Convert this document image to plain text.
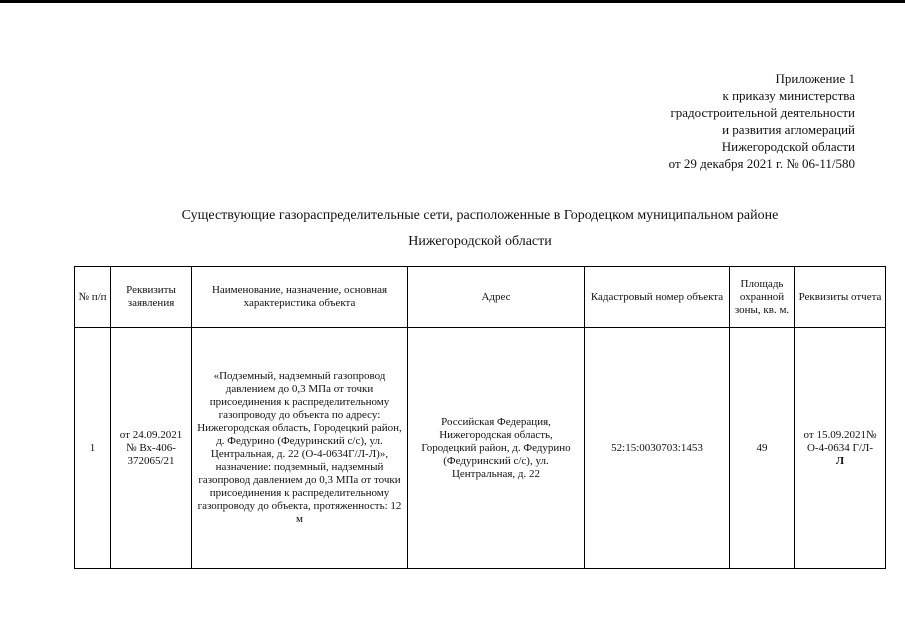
Приложение 1
к приказу министерства
градостроительной деятельности
и развития агломераций
Нижегородской области
от 29 декабря 2021 г. № 06-11/580
Существующие газораспределительные сети, расположенные в Городецком муниципальном районе
Нижегородской области
№ п/п	Реквизиты заявления	Наименование, назначение, основная характеристика объекта	Адрес	Кадастровый номер объекта	Площадь охранной зоны, кв. м.	Реквизиты отчета
1	от 24.09.2021 № Вх-406-372065/21	«Подземный, надземный газопровод давлением до 0,3 МПа от точки присоединения к распределительному газопроводу до объекта по адресу: Нижегородская область, Городецкий район, д. Федурино (Федуринский с/с), ул. Центральная, д. 22 (О-4-0634Г/Л-Л)», назначение: подземный, надземный газопровод давлением до 0,3 МПа от точки присоединения к распределительному газопроводу до объекта, протяженность: 12 м	Российская Федерация, Нижегородская область, Городецкий район, д. Федурино (Федуринский с/с), ул. Центральная, д. 22	52:15:0030703:1453	49	от 15.09.2021№ О-4-0634 Г/Л-
Л
